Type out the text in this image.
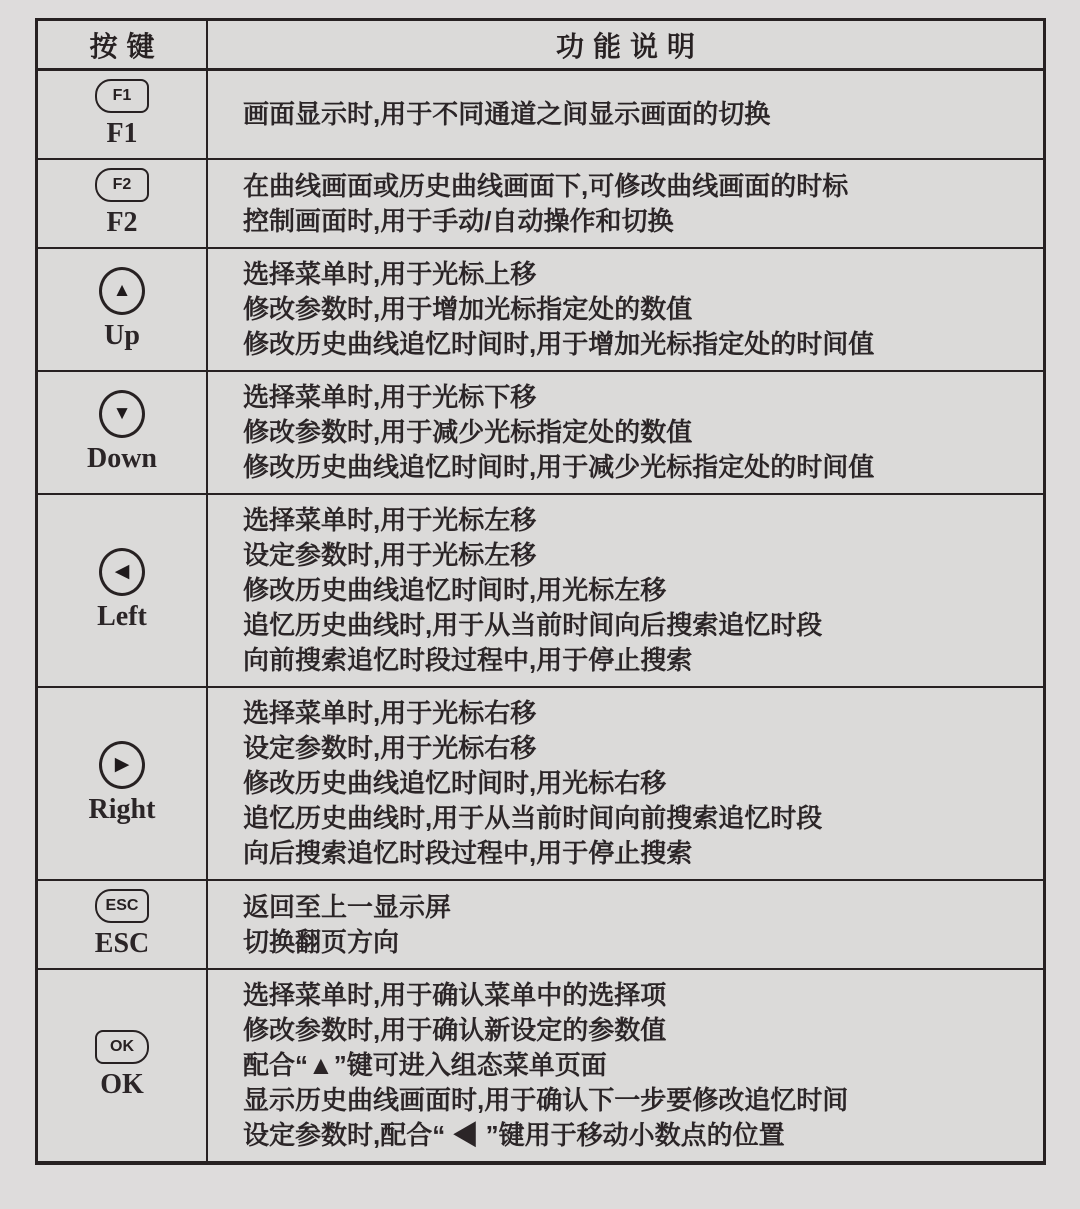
按键	功能说明
F1
F1
画面显示时,用于不同通道之间显示画面的切换
F2
F2
在曲线画面或历史曲线画面下,可修改曲线画面的时标
控制画面时,用于手动/自动操作和切换
▲
Up
选择菜单时,用于光标上移
修改参数时,用于增加光标指定处的数值
修改历史曲线追忆时间时,用于增加光标指定处的时间值
▼
Down
选择菜单时,用于光标下移
修改参数时,用于减少光标指定处的数值
修改历史曲线追忆时间时,用于减少光标指定处的时间值
◀
Left
选择菜单时,用于光标左移
设定参数时,用于光标左移
修改历史曲线追忆时间时,用光标左移
追忆历史曲线时,用于从当前时间向后搜索追忆时段
向前搜索追忆时段过程中,用于停止搜索
▶
Right
选择菜单时,用于光标右移
设定参数时,用于光标右移
修改历史曲线追忆时间时,用光标右移
追忆历史曲线时,用于从当前时间向前搜索追忆时段
向后搜索追忆时段过程中,用于停止搜索
ESC
ESC
返回至上一显示屏
切换翻页方向
OK
OK
选择菜单时,用于确认菜单中的选择项
修改参数时,用于确认新设定的参数值
配合“▲”键可进入组态菜单页面
显示历史曲线画面时,用于确认下一步要修改追忆时间
设定参数时,配合“ ◀ ”键用于移动小数点的位置
